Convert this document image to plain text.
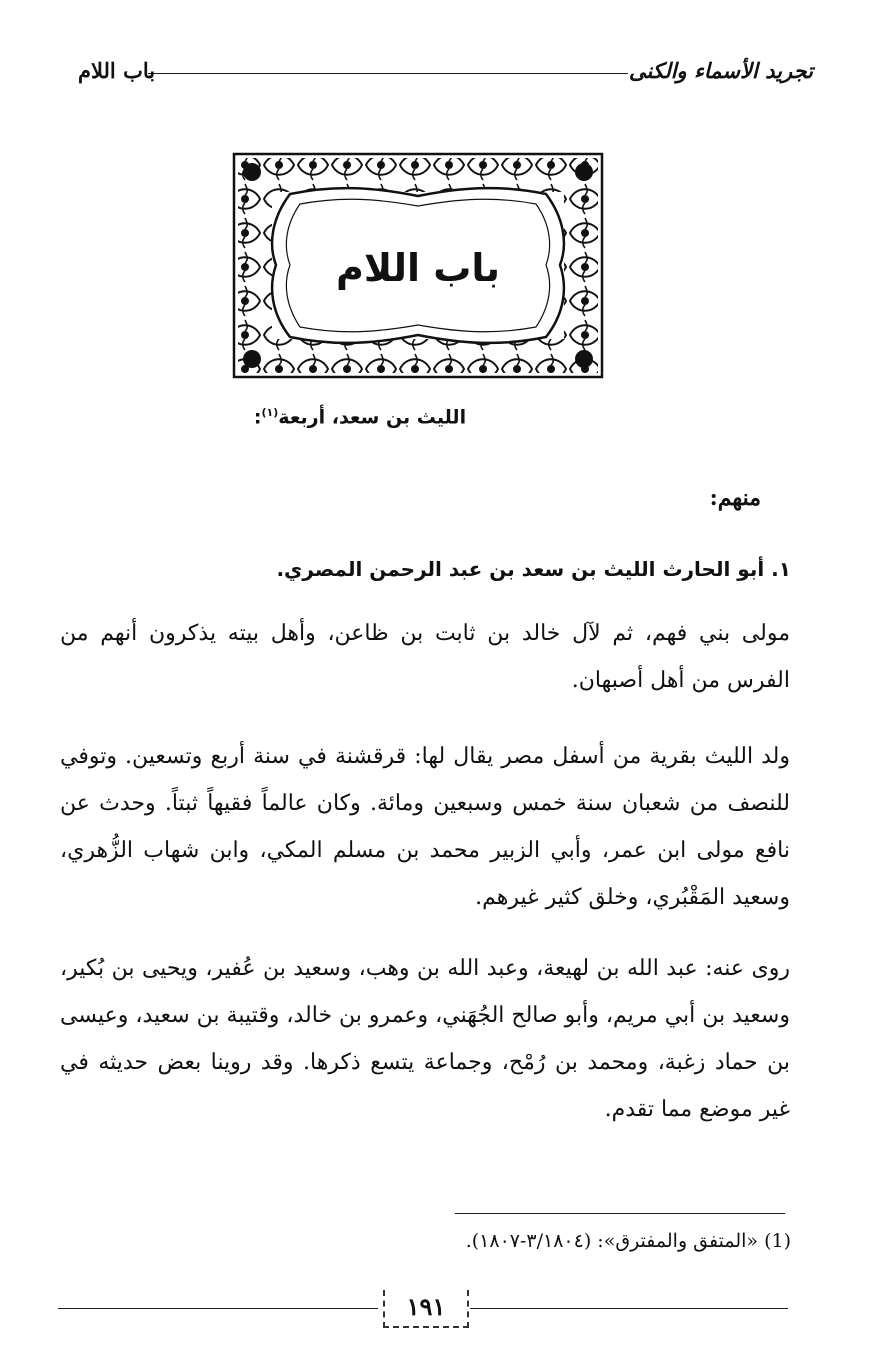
تجريد الأسماء والكنى
باب اللام
باب اللام
الليث بن سعد، أربعة$^{(١)}$:
منهم:
١. أبو الحارث الليث بن سعد بن عبد الرحمن المصري.

مولى بني فهم، ثم لآل خالد بن ثابت بن ظاعن، وأهل بيته يذكرون أنهم من الفرس من أهل أصبهان.

ولد الليث بقرية من أسفل مصر يقال لها: قرقشنة في سنة أربع وتسعين. وتوفي للنصف من شعبان سنة خمس وسبعين ومائة. وكان عالماً فقيهاً ثبتاً. وحدث عن نافع مولى ابن عمر، وأبي الزبير محمد بن مسلم المكي، وابن شهاب الزُّهري، وسعيد المَقْبُري، وخلق كثير غيرهم.

روى عنه: عبد الله بن لهيعة، وعبد الله بن وهب، وسعيد بن عُفير، ويحيى بن بُكير، وسعيد بن أبي مريم، وأبو صالح الجُهَني، وعمرو بن خالد، وقتيبة بن سعيد، وعيسى بن حماد زغبة، ومحمد بن رُمْح، وجماعة يتسع ذكرها. وقد روينا بعض حديثه في غير موضع مما تقدم.

(1) «المتفق والمفترق»: (٣/١٨٠٤-١٨٠٧).
١٩١
